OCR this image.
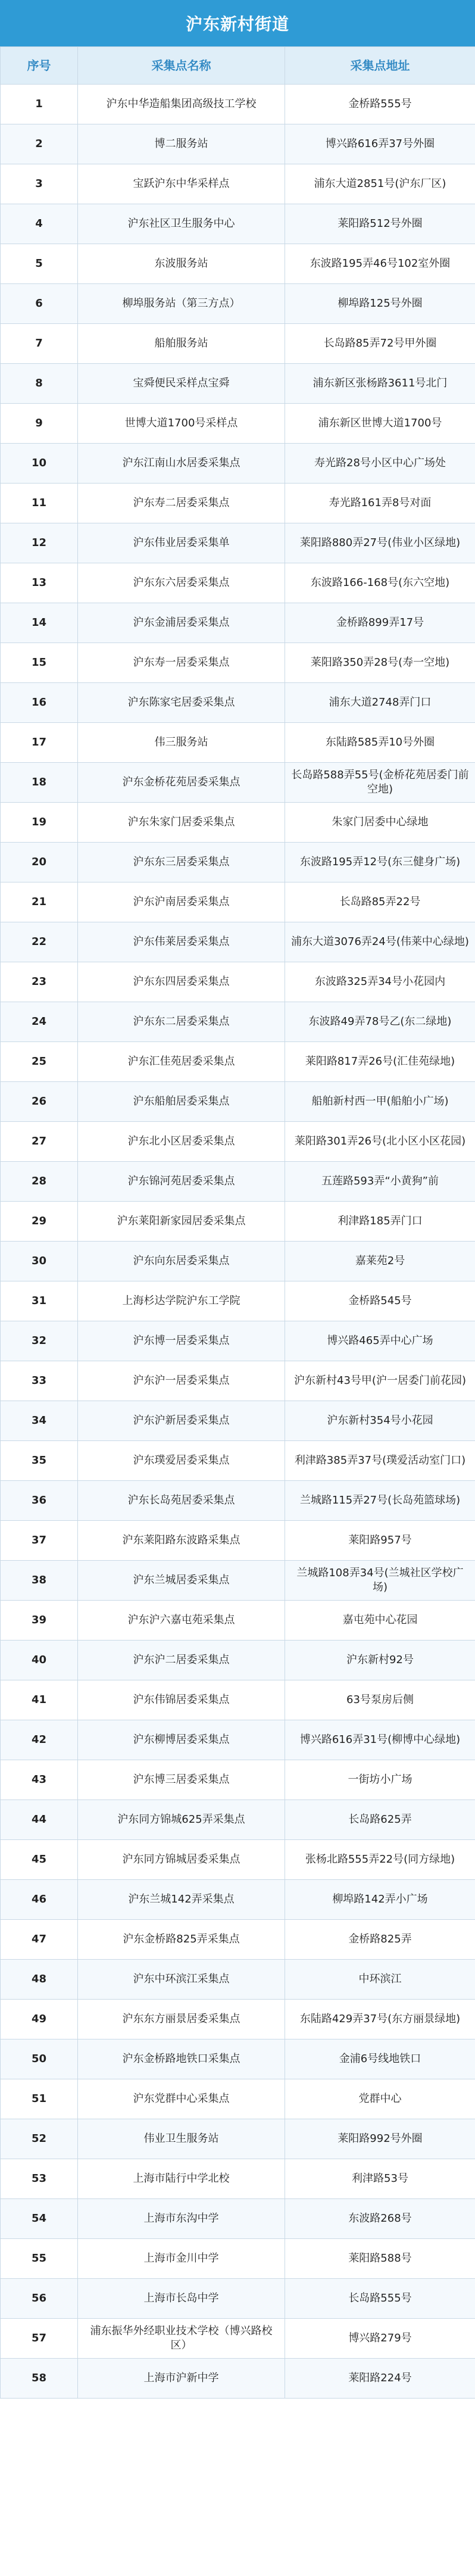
沪东新村街道
序号	采集点名称	采集点地址
1	沪东中华造船集团高级技工学校	金桥路555号
2	博二服务站	博兴路616弄37号外圈
3	宝跃沪东中华采样点	浦东大道2851号(沪东厂区)
4	沪东社区卫生服务中心	莱阳路512号外圈
5	东波服务站	东波路195弄46号102室外圈
6	柳埠服务站（第三方点）	柳埠路125号外圈
7	船舶服务站	长岛路85弄72号甲外圈
8	宝舜便民采样点宝舜	浦东新区张杨路3611号北门
9	世博大道1700号采样点	浦东新区世博大道1700号
10	沪东江南山水居委采集点	寿光路28号小区中心广场处
11	沪东寿二居委采集点	寿光路161弄8号对面
12	沪东伟业居委采集单	莱阳路880弄27号(伟业小区绿地)
13	沪东东六居委采集点	东波路166-168号(东六空地)
14	沪东金浦居委采集点	金桥路899弄17号
15	沪东寿一居委采集点	莱阳路350弄28号(寿一空地)
16	沪东陈家宅居委采集点	浦东大道2748弄门口
17	伟三服务站	东陆路585弄10号外圈
18	沪东金桥花苑居委采集点	长岛路588弄55号(金桥花苑居委门前空地)
19	沪东朱家门居委采集点	朱家门居委中心绿地
20	沪东东三居委采集点	东波路195弄12号(东三健身广场)
21	沪东沪南居委采集点	长岛路85弄22号
22	沪东伟莱居委采集点	浦东大道3076弄24号(伟莱中心绿地)
23	沪东东四居委采集点	东波路325弄34号小花园内
24	沪东东二居委采集点	东波路49弄78号乙(东二绿地)
25	沪东汇佳苑居委采集点	莱阳路817弄26号(汇佳苑绿地)
26	沪东船舶居委采集点	船舶新村西一甲(船舶小广场)
27	沪东北小区居委采集点	莱阳路301弄26号(北小区小区花园)
28	沪东锦河苑居委采集点	五莲路593弄“小黄狗”前
29	沪东莱阳新家园居委采集点	利津路185弄门口
30	沪东向东居委采集点	嘉莱苑2号
31	上海杉达学院沪东工学院	金桥路545号
32	沪东博一居委采集点	博兴路465弄中心广场
33	沪东沪一居委采集点	沪东新村43号甲(沪一居委门前花园)
34	沪东沪新居委采集点	沪东新村354号小花园
35	沪东璞爱居委采集点	利津路385弄37号(璞爱活动室门口)
36	沪东长岛苑居委采集点	兰城路115弄27号(长岛苑篮球场)
37	沪东莱阳路东波路采集点	莱阳路957号
38	沪东兰城居委采集点	兰城路108弄34号(兰城社区学校广场)
39	沪东沪六嘉屯苑采集点	嘉屯苑中心花园
40	沪东沪二居委采集点	沪东新村92号
41	沪东伟锦居委采集点	63号泵房后侧
42	沪东柳博居委采集点	博兴路616弄31号(柳博中心绿地)
43	沪东博三居委采集点	一街坊小广场
44	沪东同方锦城625弄采集点	长岛路625弄
45	沪东同方锦城居委采集点	张杨北路555弄22号(同方绿地)
46	沪东兰城142弄采集点	柳埠路142弄小广场
47	沪东金桥路825弄采集点	金桥路825弄
48	沪东中环滨江采集点	中环滨江
49	沪东东方丽景居委采集点	东陆路429弄37号(东方丽景绿地)
50	沪东金桥路地铁口采集点	金浦6号线地铁口
51	沪东党群中心采集点	党群中心
52	伟业卫生服务站	莱阳路992号外圈
53	上海市陆行中学北校	利津路53号
54	上海市东沟中学	东波路268号
55	上海市金川中学	莱阳路588号
56	上海市长岛中学	长岛路555号
57	浦东振华外经职业技术学校（博兴路校区）	博兴路279号
58	上海市沪新中学	莱阳路224号
